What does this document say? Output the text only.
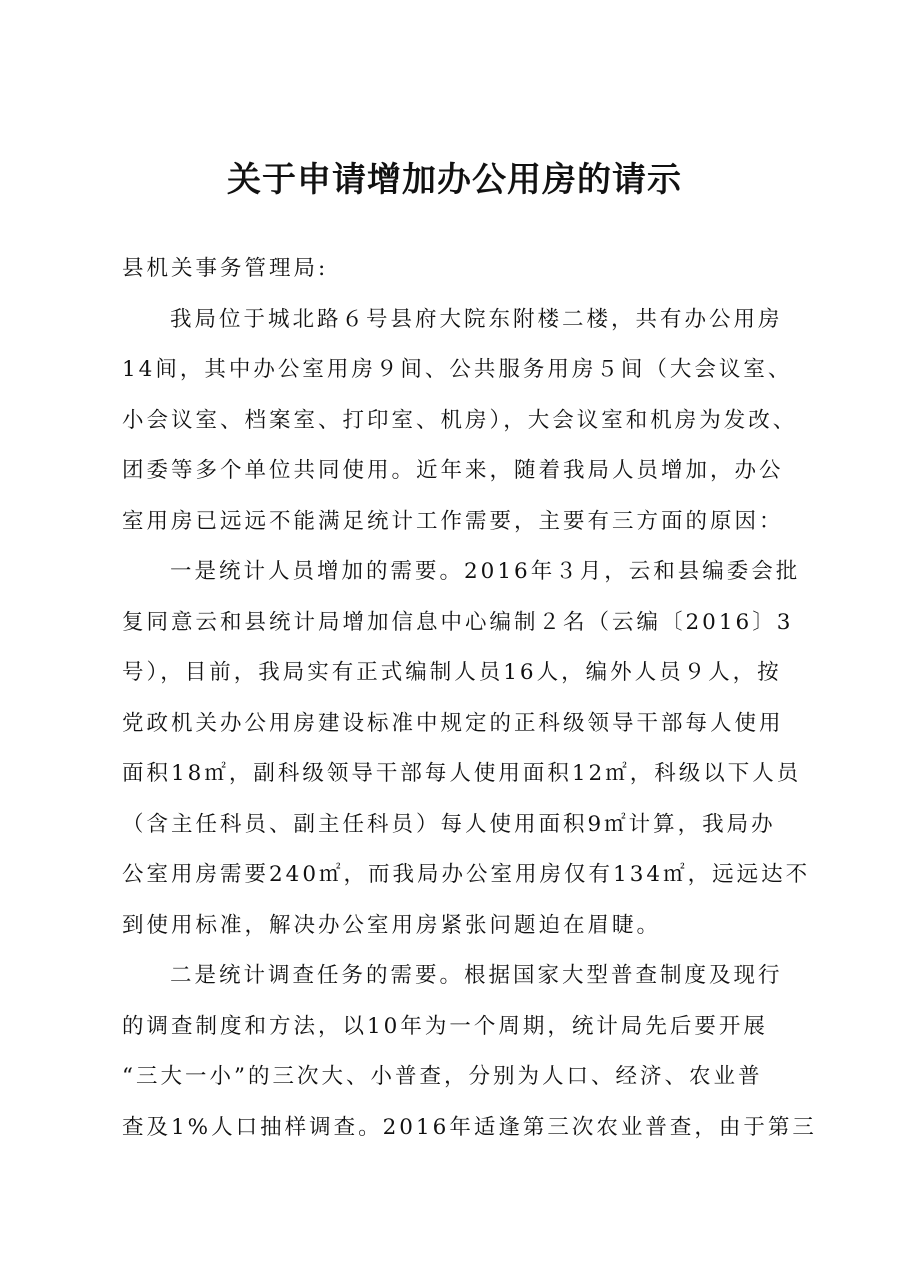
关于申请增加办公用房的请示
县机关事务管理局:
我局位于城北路６号县府大院东附楼二楼，共有办公用房
14间，其中办公室用房９间、公共服务用房５间（大会议室、
小会议室、档案室、打印室、机房），大会议室和机房为发改、
团委等多个单位共同使用。近年来，随着我局人员增加，办公
室用房已远远不能满足统计工作需要，主要有三方面的原因：
一是统计人员增加的需要。2016年３月，云和县编委会批
复同意云和县统计局增加信息中心编制２名（云编〔2016〕3
号），目前，我局实有正式编制人员16人，编外人员９人，按
党政机关办公用房建设标准中规定的正科级领导干部每人使用
面积18㎡，副科级领导干部每人使用面积12㎡，科级以下人员
（含主任科员、副主任科员）每人使用面积9㎡计算，我局办
公室用房需要240㎡，而我局办公室用房仅有134㎡，远远达不
到使用标准，解决办公室用房紧张问题迫在眉睫。
二是统计调查任务的需要。根据国家大型普查制度及现行
的调查制度和方法，以10年为一个周期，统计局先后要开展
“三大一小”的三次大、小普查，分别为人口、经济、农业普
查及1%人口抽样调查。2016年适逢第三次农业普查，由于第三
